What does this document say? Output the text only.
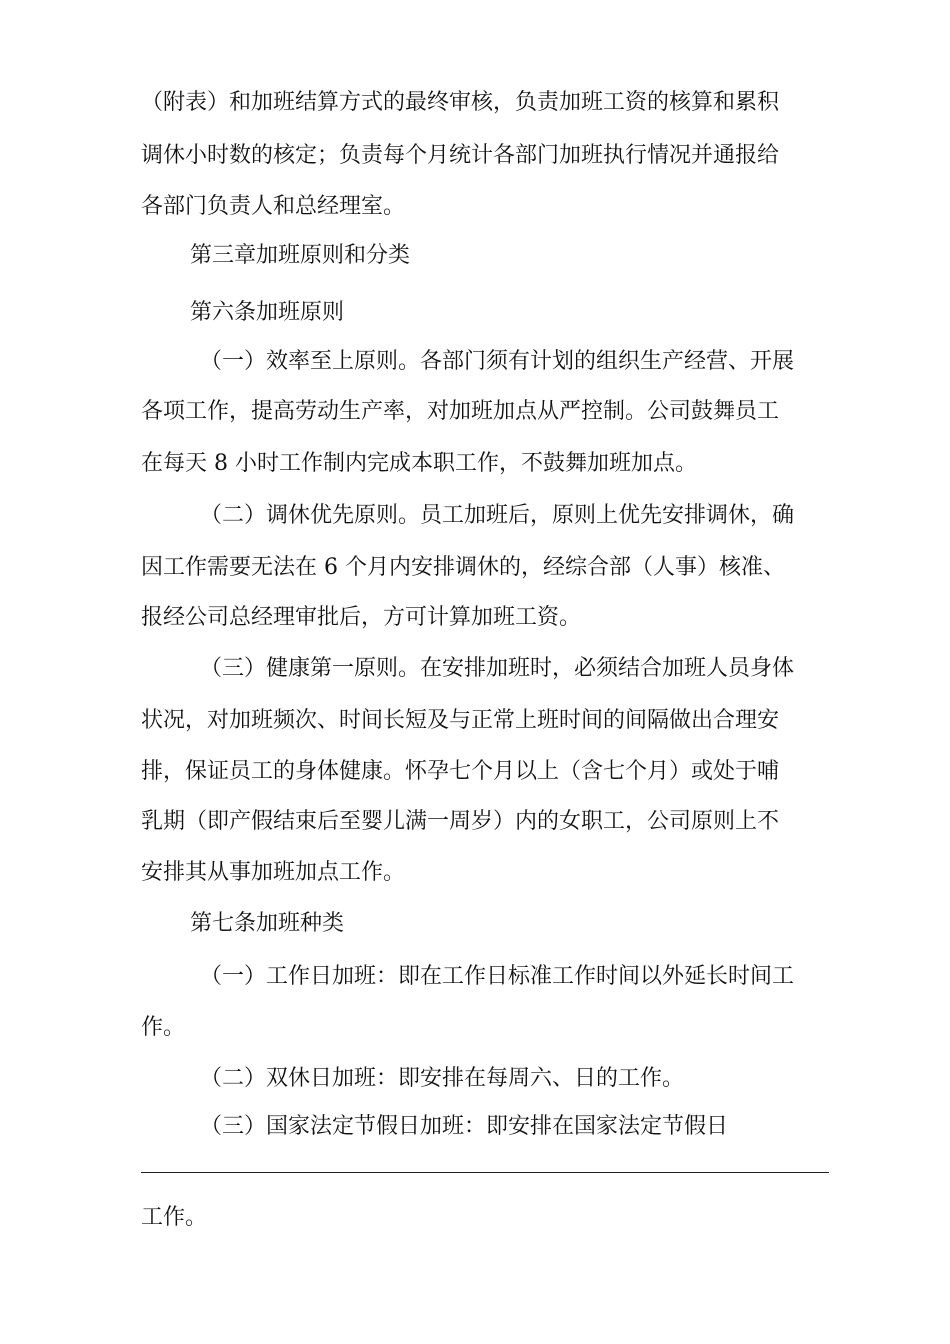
（附表）和加班结算方式的最终审核，负责加班工资的核算和累积
调休小时数的核定；负责每个月统计各部门加班执行情况并通报给
各部门负责人和总经理室。
第三章加班原则和分类
第六条加班原则
（一）效率至上原则。各部门须有计划的组织生产经营、开展
各项工作，提高劳动生产率，对加班加点从严控制。公司鼓舞员工
在每天 8 小时工作制内完成本职工作，不鼓舞加班加点。
（二）调休优先原则。员工加班后，原则上优先安排调休，确
因工作需要无法在 6 个月内安排调休的，经综合部（人事）核准、
报经公司总经理审批后，方可计算加班工资。
（三）健康第一原则。在安排加班时，必须结合加班人员身体
状况，对加班频次、时间长短及与正常上班时间的间隔做出合理安
排，保证员工的身体健康。怀孕七个月以上（含七个月）或处于哺
乳期（即产假结束后至婴儿满一周岁）内的女职工，公司原则上不
安排其从事加班加点工作。
第七条加班种类
（一）工作日加班：即在工作日标准工作时间以外延长时间工
作。
（二）双休日加班：即安排在每周六、日的工作。
（三）国家法定节假日加班：即安排在国家法定节假日
工作。
